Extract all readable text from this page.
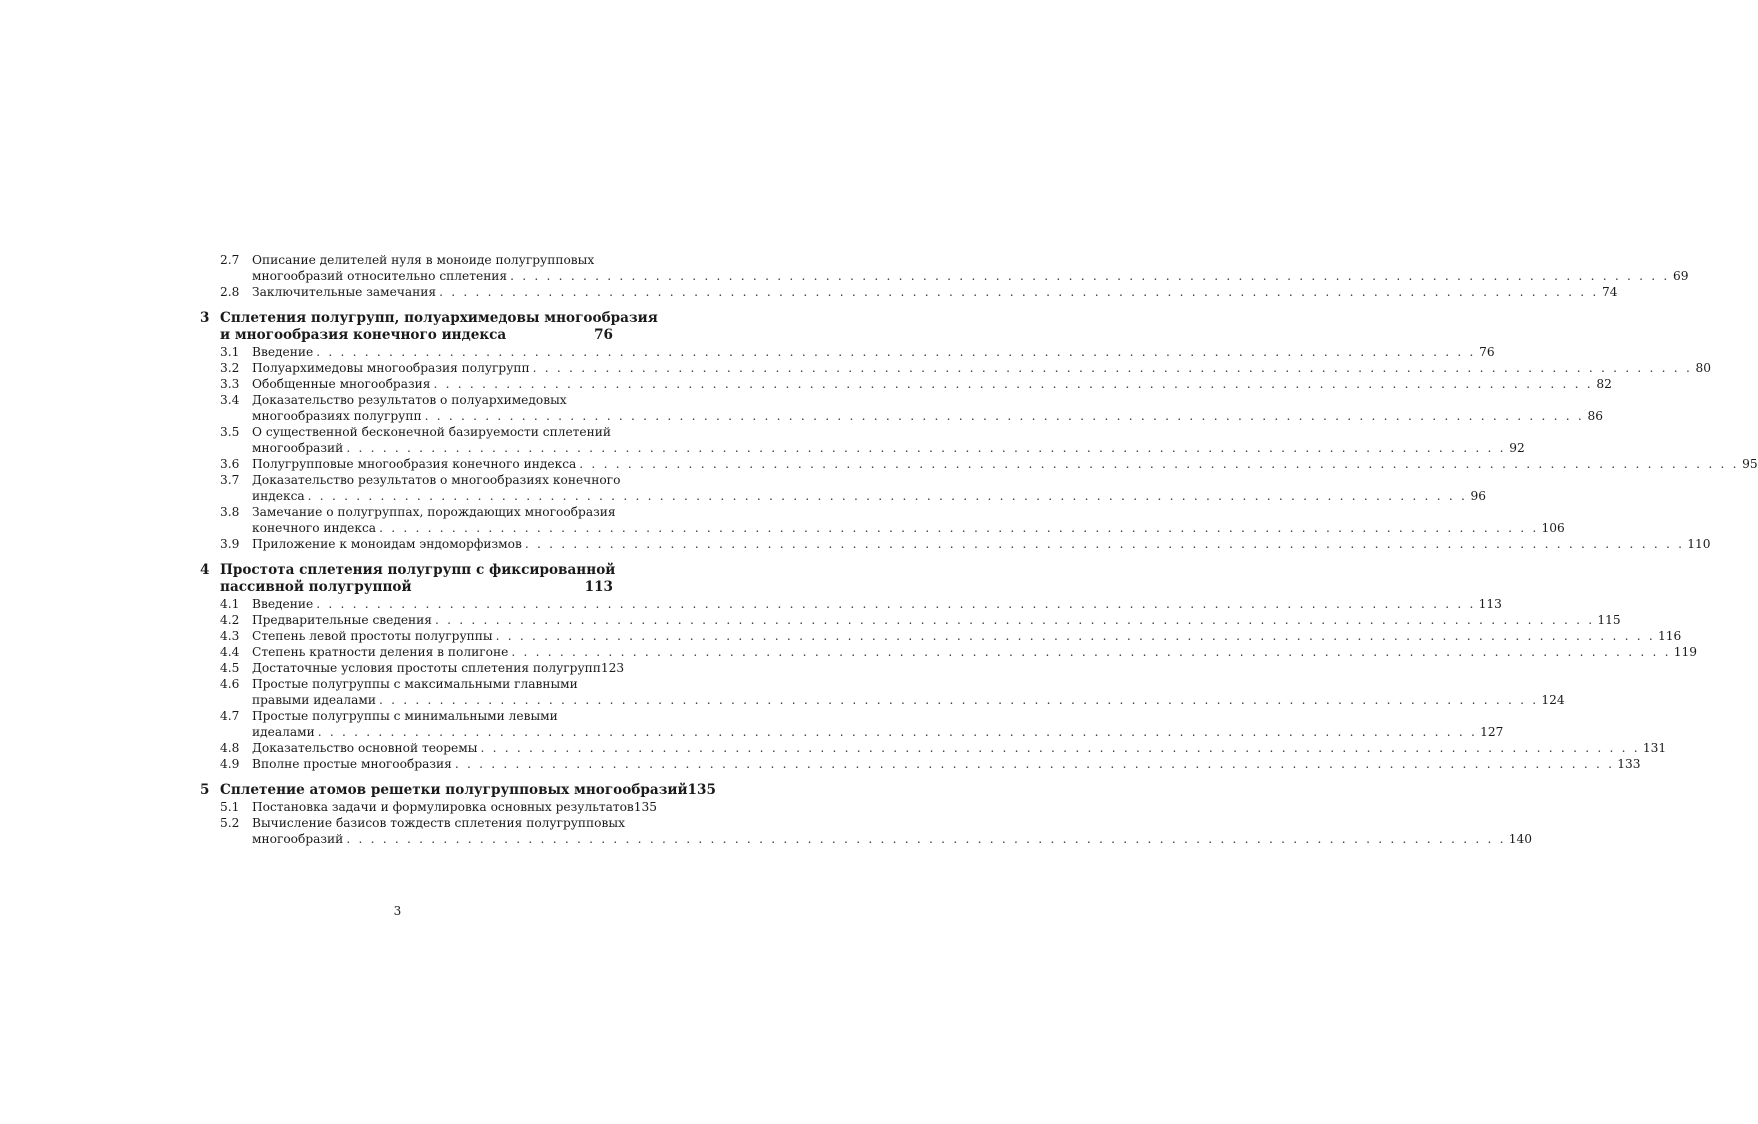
2.7 Описание делителей нуля в моноиде полугрупповых
многообразий относительно сплетения . . .	69
2.8 Заключительные замечания . . .	74
3 Сплетения полугрупп, полуархимедовы многообразия
и многообразия конечного индекса	76
3.1 Введение . . .	76
3.2 Полуархимедовы многообразия полугрупп . . .	80
3.3 Обобщенные многообразия . . .	82
3.4 Доказательство результатов о полуархимедовых
многообразиях полугрупп . . .	86
3.5 О существенной бесконечной базируемости сплетений
многообразий . . .	92
3.6 Полугрупповые многообразия конечного индекса . . .	95
3.7 Доказательство результатов о многообразиях конечного
индекса . . .	96
3.8 Замечание о полугруппах, порождающих многообразия
конечного индекса . . .	106
3.9 Приложение к моноидам эндоморфизмов . . .	110
4 Простота сплетения полугрупп с фиксированной
пассивной полугруппой	113
4.1 Введение . . .	113
4.2 Предварительные сведения . . .	115
4.3 Степень левой простоты полугруппы . . .	116
4.4 Степень кратности деления в полигоне . . .	119
4.5 Достаточные условия простоты сплетения полугрупп 123
4.6 Простые полугруппы с максимальными главными
правыми идеалами . . .	124
4.7 Простые полугруппы с минимальными левыми
идеалами . . .	127
4.8 Доказательство основной теоремы . . .	131
4.9 Вполне простые многообразия . . .	133
5 Сплетение атомов решетки полугрупповых многообразий 135
5.1 Постановка задачи и формулировка основных результатов 135
5.2 Вычисление базисов тождеств сплетения полугрупповых
многообразий . . .	140
3
